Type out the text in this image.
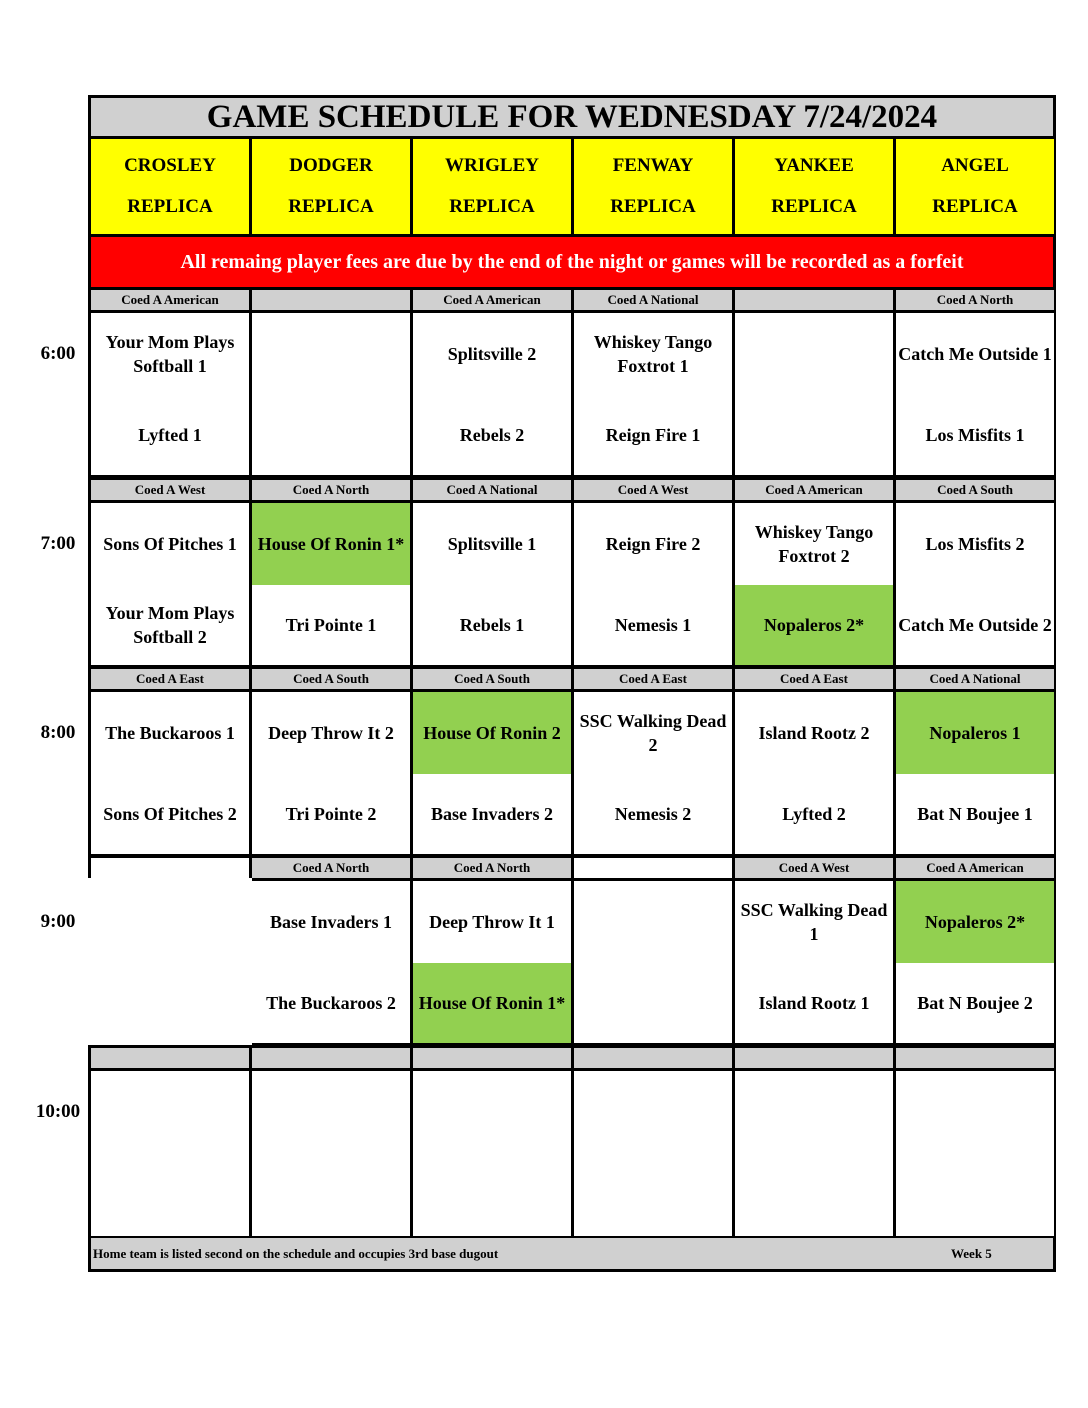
GAME SCHEDULE FOR WEDNESDAY 7/24/2024
CROSLEY
REPLICA
DODGER
REPLICA
WRIGLEY
REPLICA
FENWAY
REPLICA
YANKEE
REPLICA
ANGEL
REPLICA
All remaing player fees are due by the end of the night or games will be recorded as a forfeit
6:00
Coed A American
Your Mom Plays Softball 1
Lyfted 1
Coed A American
Splitsville 2
Rebels 2
Coed A National
Whiskey Tango Foxtrot 1
Reign Fire 1
Coed A North
Catch Me Outside 1
Los Misfits 1
7:00
Coed A West
Sons Of Pitches 1
Your Mom Plays Softball 2
Coed A North
House Of Ronin 1*
Tri Pointe 1
Coed A National
Splitsville 1
Rebels 1
Coed A West
Reign Fire 2
Nemesis 1
Coed A American
Whiskey Tango Foxtrot 2
Nopaleros 2*
Coed A South
Los Misfits 2
Catch Me Outside 2
8:00
Coed A East
The Buckaroos 1
Sons Of Pitches 2
Coed A South
Deep Throw It 2
Tri Pointe 2
Coed A South
House Of Ronin 2
Base Invaders 2
Coed A East
SSC Walking Dead 2
Nemesis 2
Coed A East
Island Rootz 2
Lyfted 2
Coed A National
Nopaleros 1
Bat N Boujee 1
9:00
Coed A North
Base Invaders 1
The Buckaroos 2
Coed A North
Deep Throw It 1
House Of Ronin 1*
Coed A West
SSC Walking Dead 1
Island Rootz 1
Coed A American
Nopaleros 2*
Bat N Boujee 2
10:00
Home team is listed second on the schedule and occupies 3rd base dugout	Week 5
